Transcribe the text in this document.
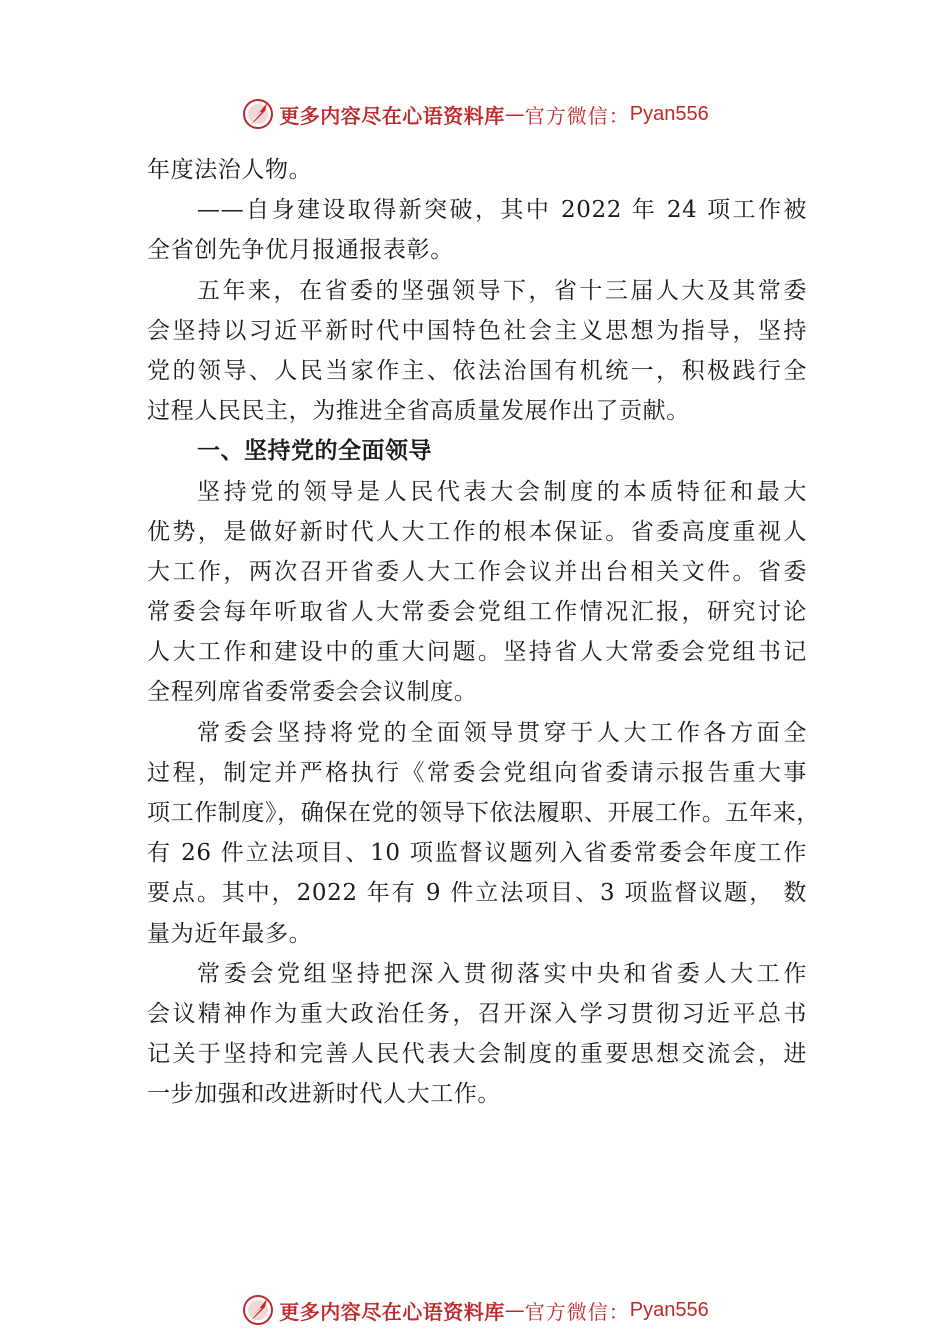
更多内容尽在心语资料库 — 官方微信： Pyan556
年度法治人物。
——自身建设取得新突破，其中 2022 年 24 项工作被
全省创先争优月报通报表彰。
五年来，在省委的坚强领导下，省十三届人大及其常委
会坚持以习近平新时代中国特色社会主义思想为指导，坚持
党的领导、人民当家作主、依法治国有机统一，积极践行全
过程人民民主，为推进全省高质量发展作出了贡献。
一、坚持党的全面领导
坚持党的领导是人民代表大会制度的本质特征和最大
优势，是做好新时代人大工作的根本保证。省委高度重视人
大工作，两次召开省委人大工作会议并出台相关文件。省委
常委会每年听取省人大常委会党组工作情况汇报，研究讨论
人大工作和建设中的重大问题。坚持省人大常委会党组书记
全程列席省委常委会会议制度。
常委会坚持将党的全面领导贯穿于人大工作各方面全
过程，制定并严格执行《常委会党组向省委请示报告重大事
项工作制度》，确保在党的领导下依法履职、开展工作。五年来，
有 26 件立法项目、10 项监督议题列入省委常委会年度工作
要点。其中，2022 年有 9 件立法项目、3 项监督议题， 数
量为近年最多。
常委会党组坚持把深入贯彻落实中央和省委人大工作
会议精神作为重大政治任务，召开深入学习贯彻习近平总书
记关于坚持和完善人民代表大会制度的重要思想交流会，进
一步加强和改进新时代人大工作。
更多内容尽在心语资料库 — 官方微信： Pyan556
